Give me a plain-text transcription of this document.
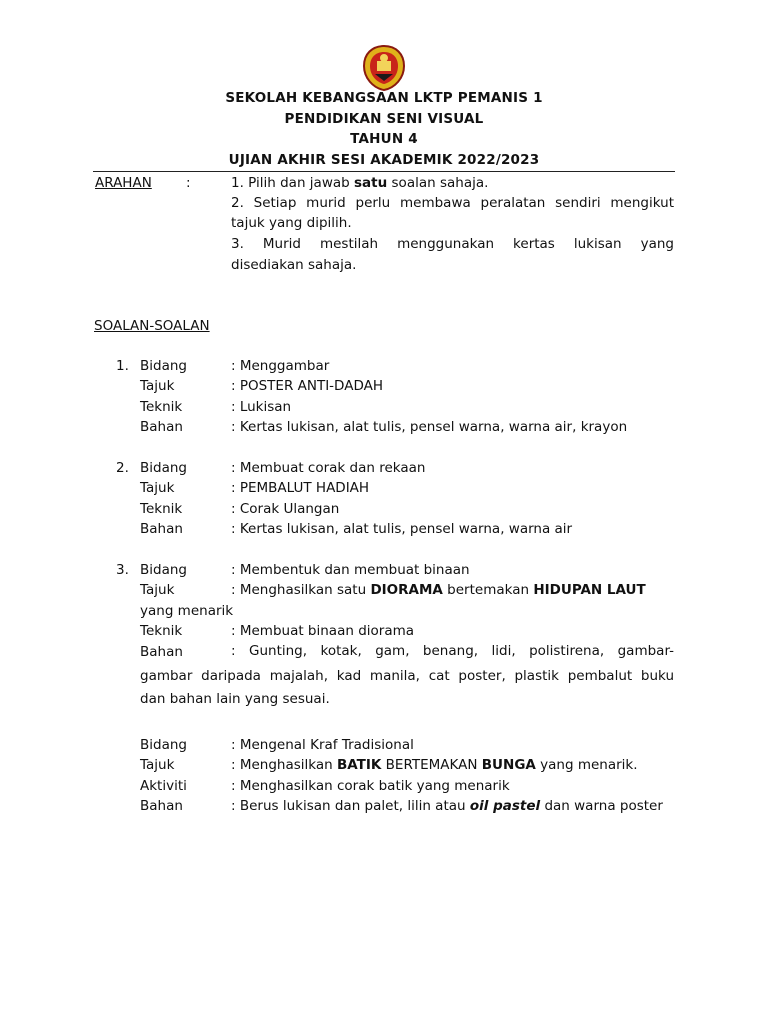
SEKOLAH KEBANGSAAN LKTP PEMANIS 1
PENDIDIKAN SENI VISUAL
TAHUN 4
UJIAN AKHIR SESI AKADEMIK 2022/2023
ARAHAN	:	1. Pilih dan jawab satu soalan sahaja.
2. Setiap murid perlu membawa peralatan sendiri mengikut
tajuk yang dipilih.
3. Murid mestilah menggunakan kertas lukisan yang
disediakan sahaja.
SOALAN-SOALAN
1. Bidang	: Menggambar
Tajuk	: POSTER ANTI-DADAH
Teknik	: Lukisan
Bahan	: Kertas lukisan, alat tulis, pensel warna, warna air, krayon
2. Bidang	: Membuat corak dan rekaan
Tajuk	: PEMBALUT HADIAH
Teknik	: Corak Ulangan
Bahan	: Kertas lukisan, alat tulis, pensel warna, warna air
3. Bidang	: Membentuk dan membuat binaan
Tajuk	: Menghasilkan satu DIORAMA bertemakan HIDUPAN LAUT
yang menarik
Teknik	: Membuat binaan diorama
Bahan	: Gunting, kotak, gam, benang, lidi, polistirena, gambar-
gambar daripada majalah, kad manila, cat poster, plastik pembalut buku
dan bahan lain yang sesuai.
Bidang	: Mengenal Kraf Tradisional
Tajuk	: Menghasilkan BATIK BERTEMAKAN BUNGA yang menarik.
Aktiviti	: Menghasilkan corak batik yang menarik
Bahan	: Berus lukisan dan palet, lilin atau oil pastel dan warna poster
